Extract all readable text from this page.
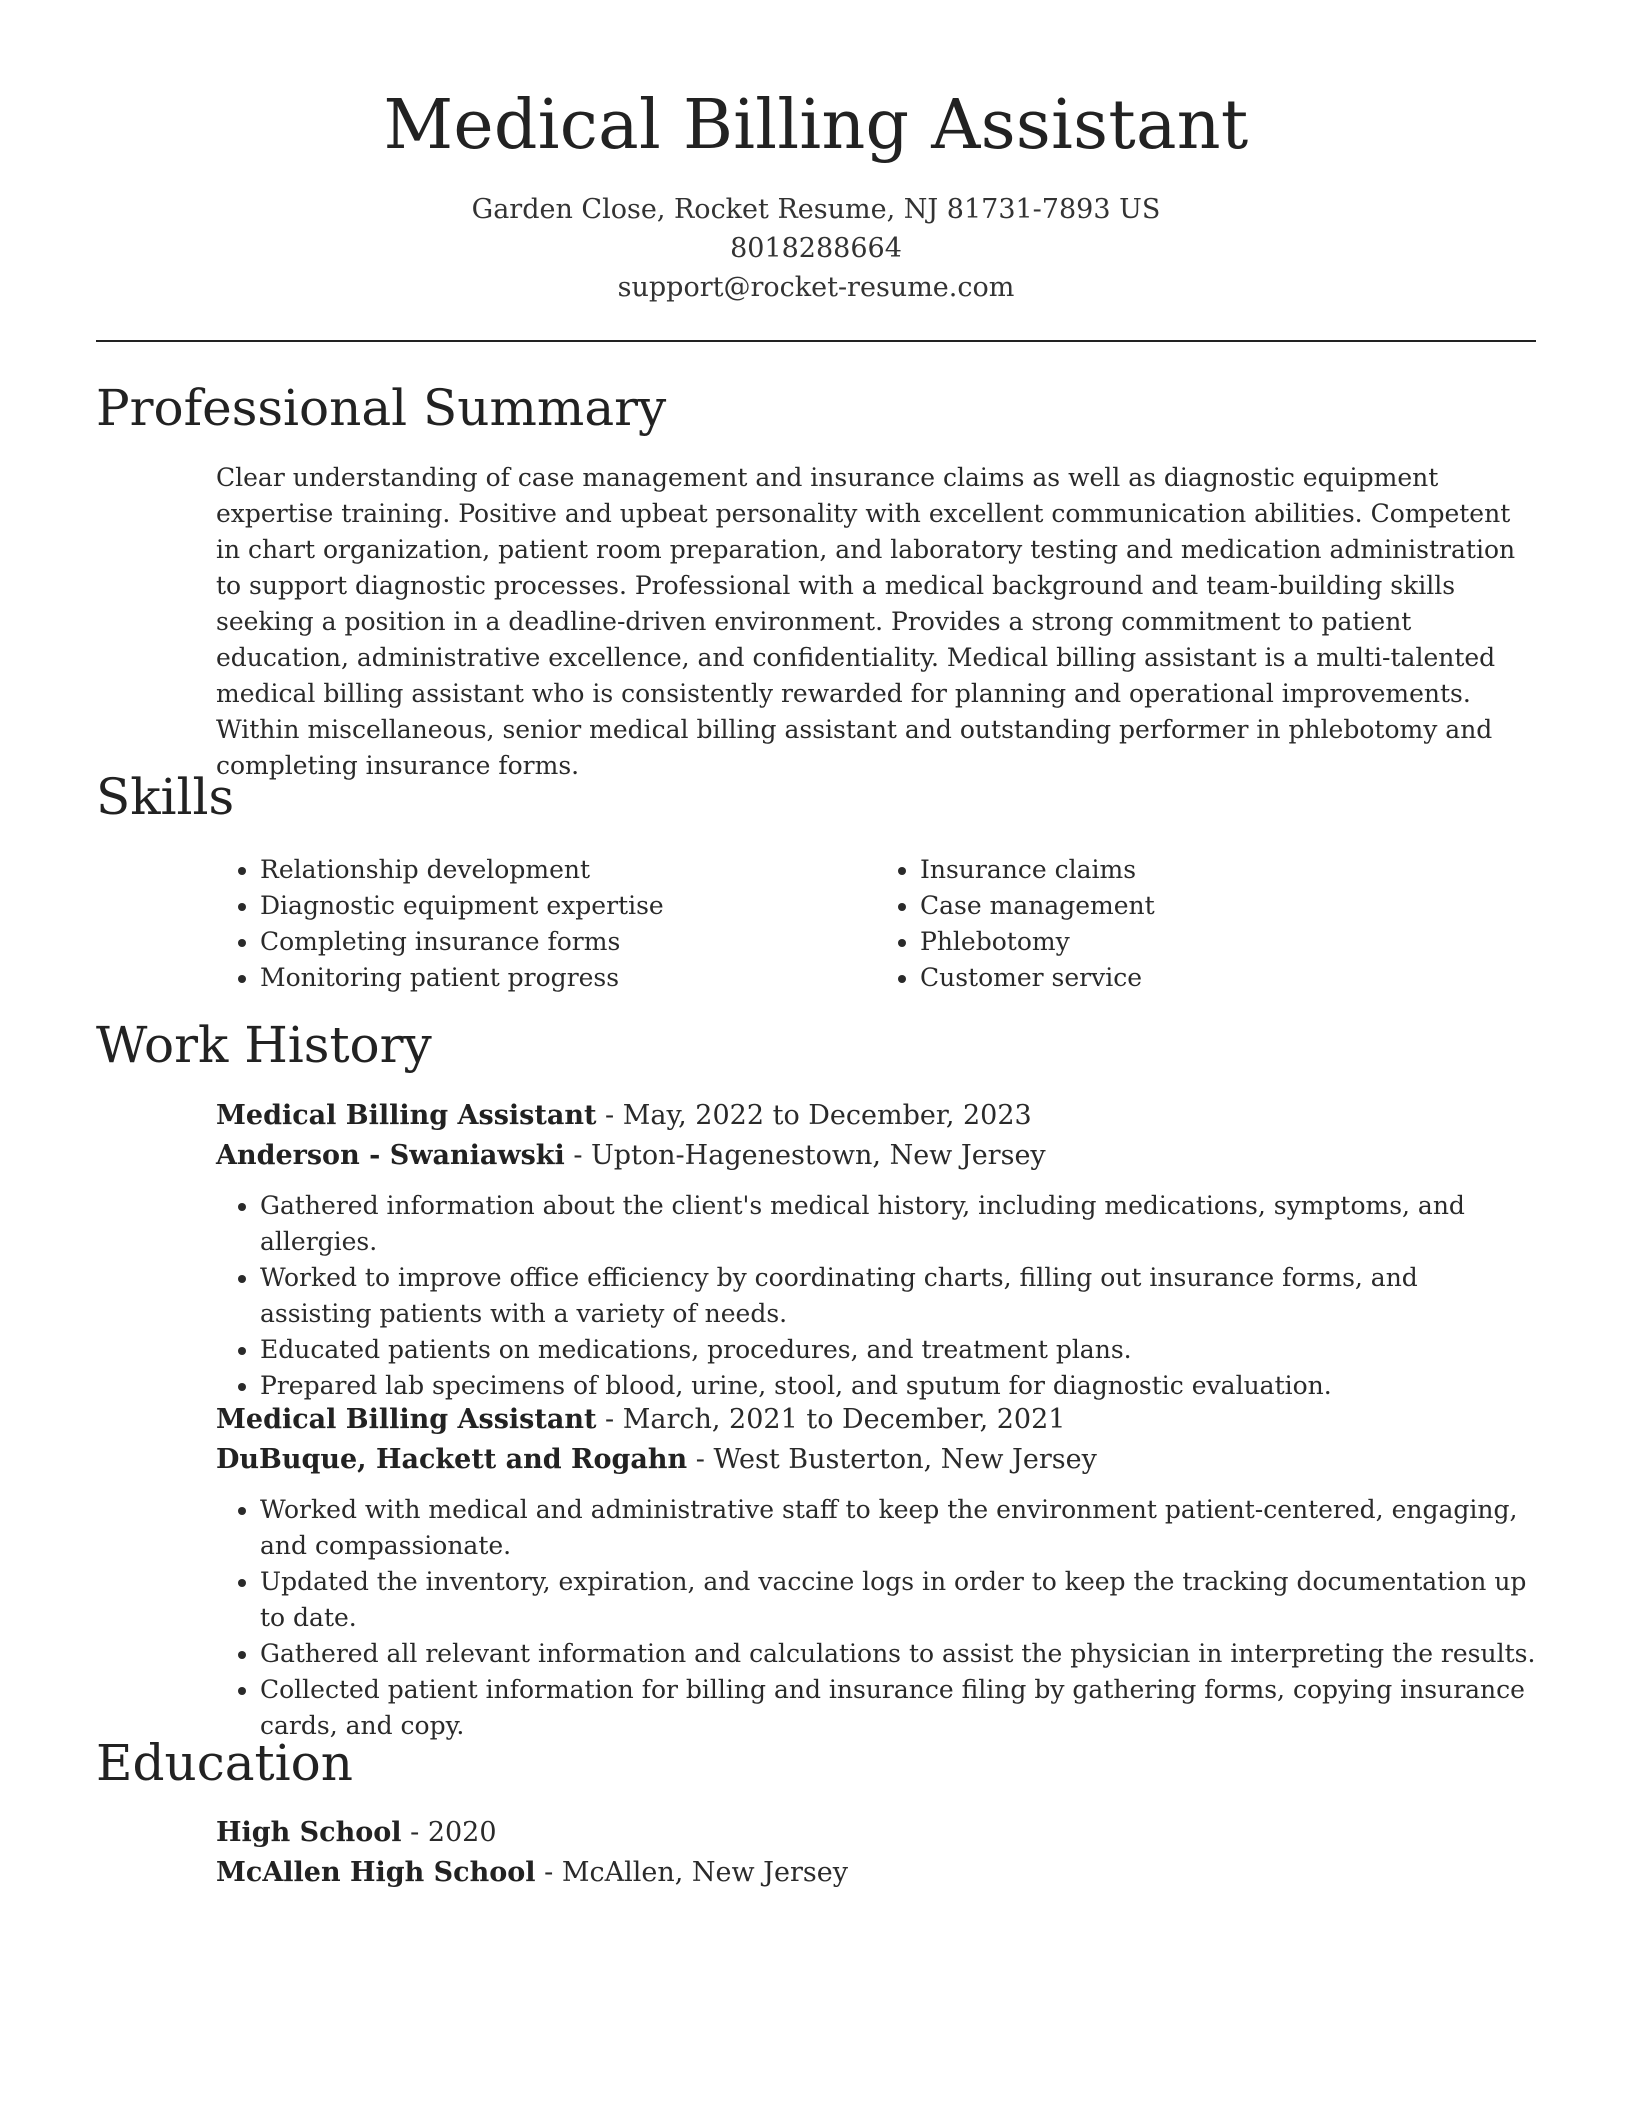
Medical Billing Assistant

Garden Close, Rocket Resume, NJ 81731-7893 US

8018288664

support@rocket-resume.com

Professional Summary

Clear understanding of case management and insurance claims as well as diagnostic equipment expertise training. Positive and upbeat personality with excellent communication abilities. Competent in chart organization, patient room preparation, and laboratory testing and medication administration to support diagnostic processes. Professional with a medical background and team-building skills seeking a position in a deadline-driven environment. Provides a strong commitment to patient education, administrative excellence, and confidentiality. Medical billing assistant is a multi-talented medical billing assistant who is consistently rewarded for planning and operational improvements. Within miscellaneous, senior medical billing assistant and outstanding performer in phlebotomy and completing insurance forms.

Skills
• Relationship development
• Diagnostic equipment expertise
• Completing insurance forms
• Monitoring patient progress
• Insurance claims
• Case management
• Phlebotomy
• Customer service
Work History

Medical Billing Assistant - May, 2022 to December, 2023

Anderson - Swaniawski - Upton-Hagenestown, New Jersey

• Gathered information about the client's medical history, including medications, symptoms, and allergies.
• Worked to improve office efficiency by coordinating charts, filling out insurance forms, and assisting patients with a variety of needs.
• Educated patients on medications, procedures, and treatment plans.
• Prepared lab specimens of blood, urine, stool, and sputum for diagnostic evaluation.

Medical Billing Assistant - March, 2021 to December, 2021

DuBuque, Hackett and Rogahn - West Busterton, New Jersey

• Worked with medical and administrative staff to keep the environment patient-centered, engaging, and compassionate.
• Updated the inventory, expiration, and vaccine logs in order to keep the tracking documentation up to date.
• Gathered all relevant information and calculations to assist the physician in interpreting the results.
• Collected patient information for billing and insurance filing by gathering forms, copying insurance cards, and copy.
Education

High School - 2020

McAllen High School - McAllen, New Jersey
